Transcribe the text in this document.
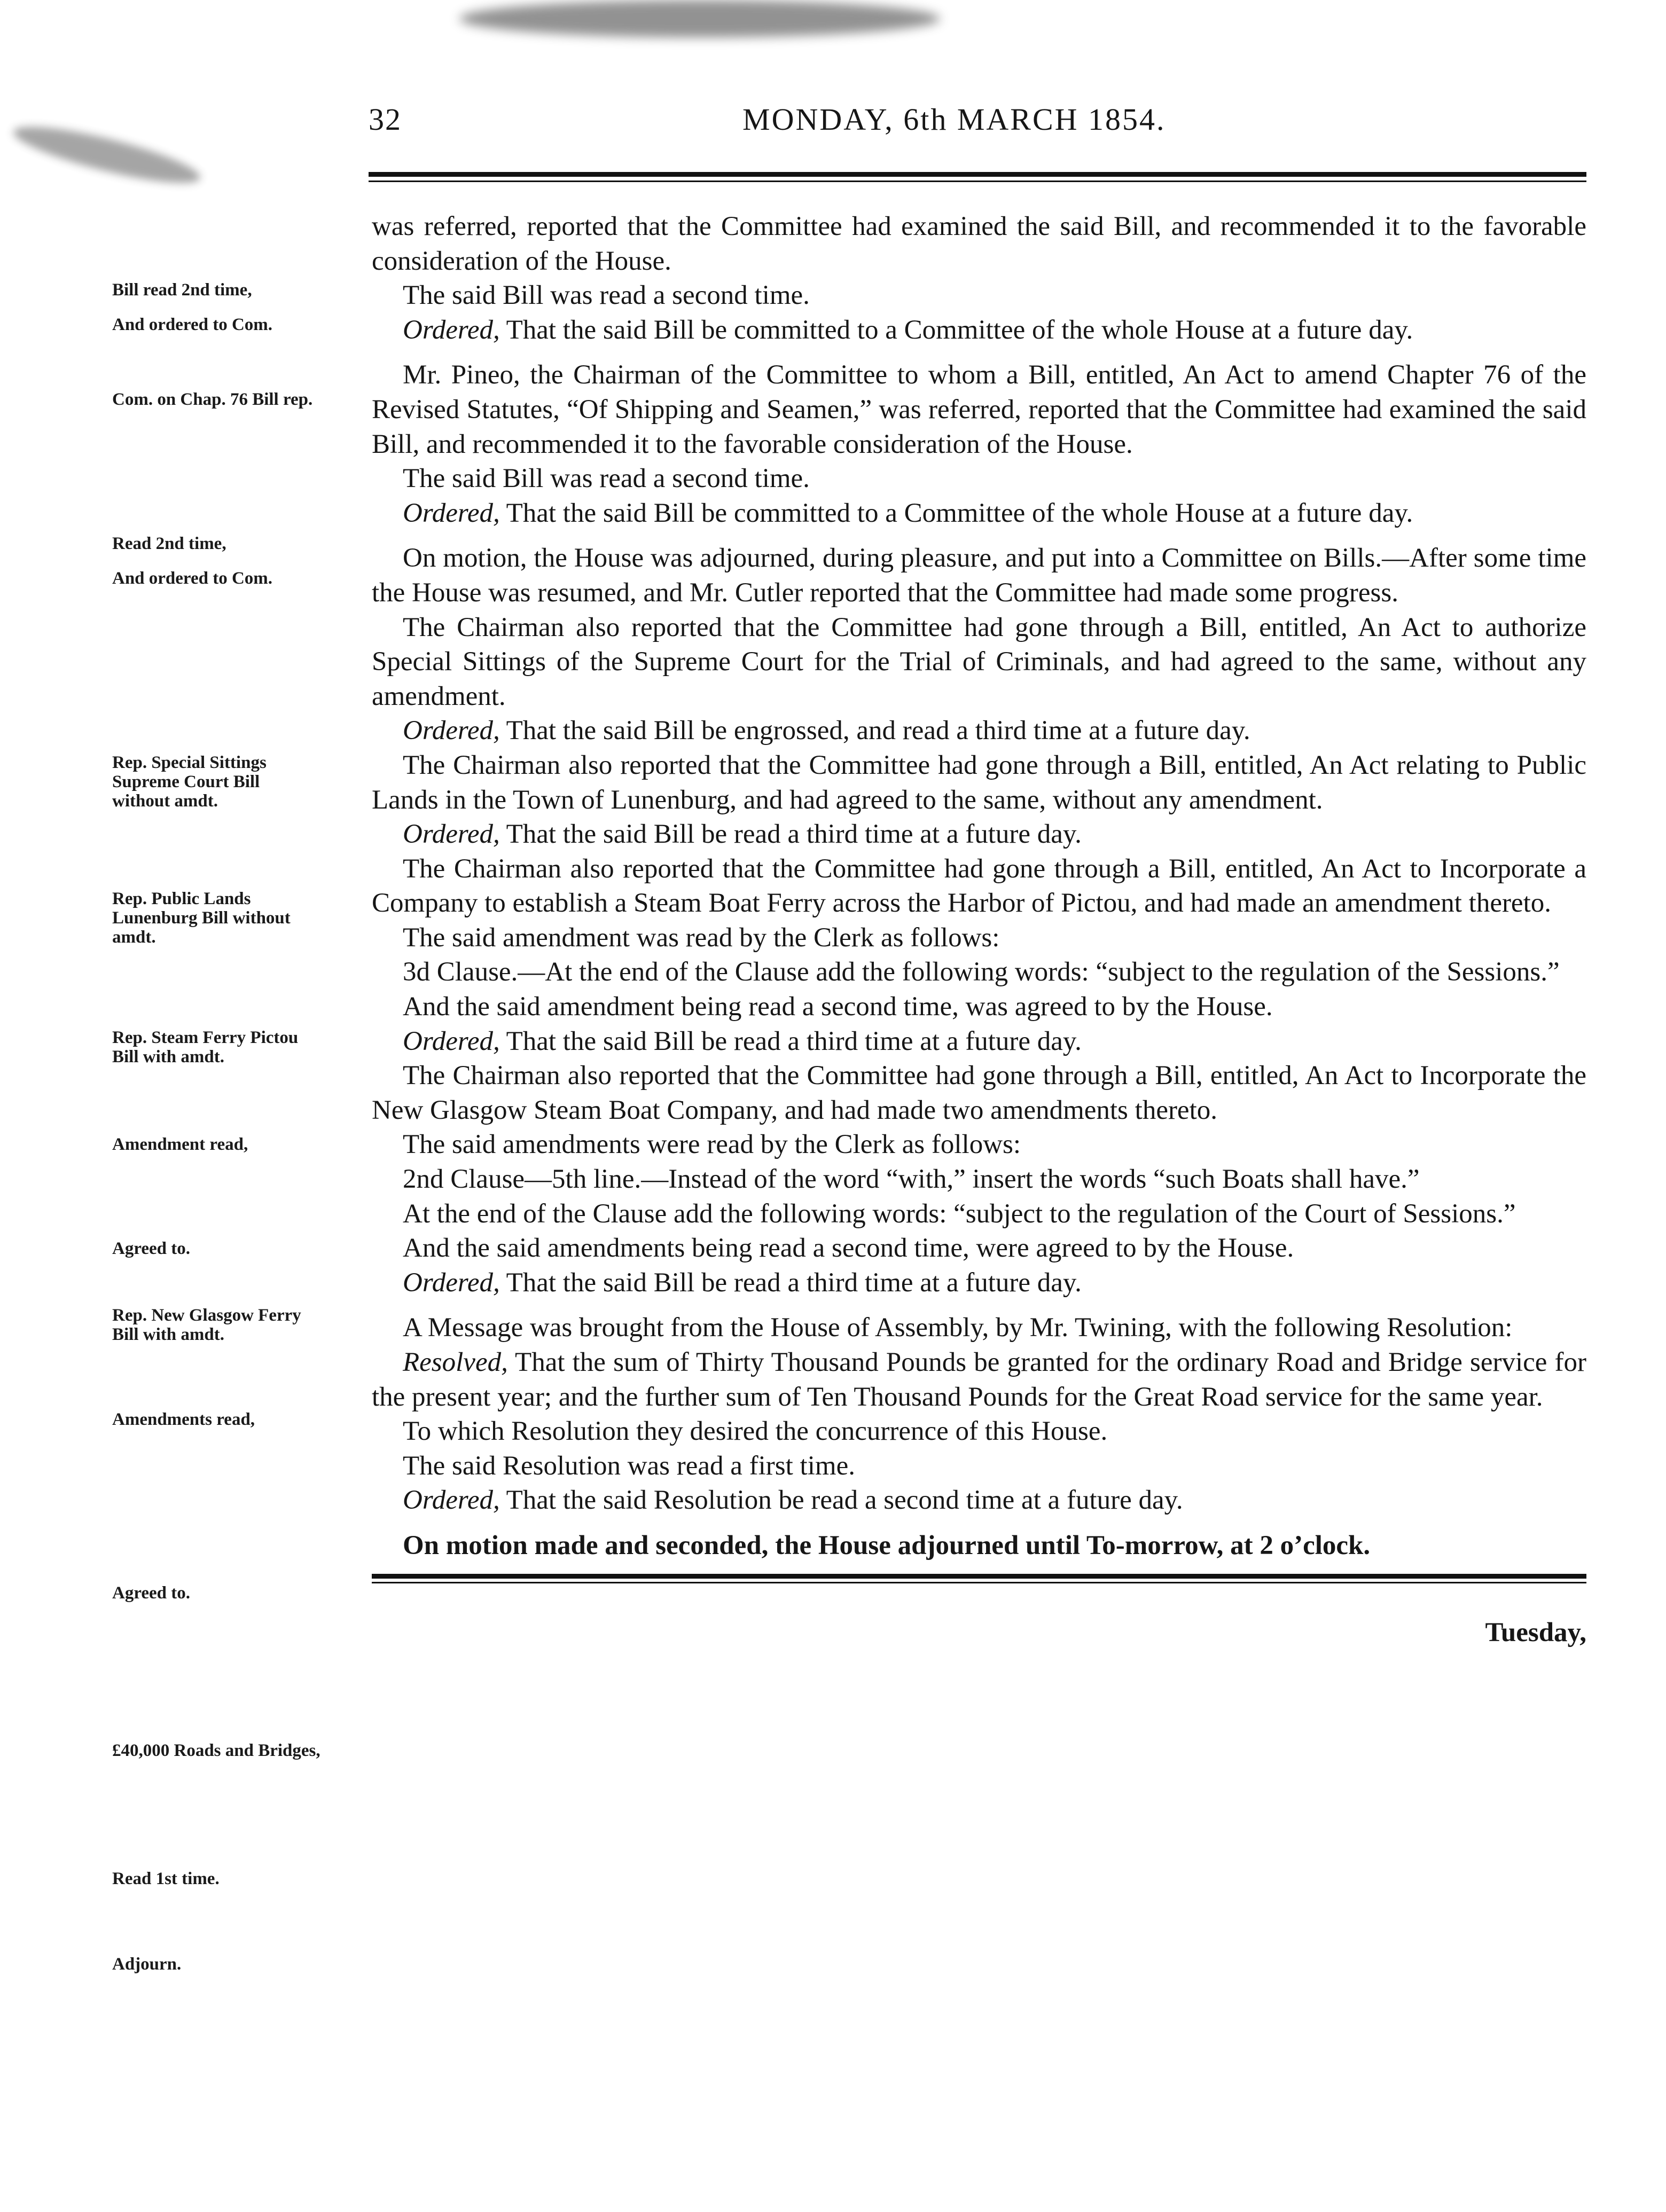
32	MONDAY, 6th MARCH 1854.
Bill read 2nd time,
And ordered to Com.
Com. on Chap. 76 Bill rep.
Read 2nd time,
And ordered to Com.
Rep. Special Sittings Supreme Court Bill without amdt.
Rep. Public Lands Lunenburg Bill without amdt.
Rep. Steam Ferry Pictou Bill with amdt.
Amendment read,
Agreed to.
Rep. New Glasgow Ferry Bill with amdt.
Amendments read,
Agreed to.
£40,000 Roads and Bridges,
Read 1st time.
Adjourn.

was referred, reported that the Committee had examined the said Bill, and recommended it to the favorable consideration of the House.

The said Bill was read a second time.

Ordered, That the said Bill be committed to a Committee of the whole House at a future day.

Mr. Pineo, the Chairman of the Committee to whom a Bill, entitled, An Act to amend Chapter 76 of the Revised Statutes, “Of Shipping and Seamen,” was referred, reported that the Committee had examined the said Bill, and recommended it to the favorable consideration of the House.

The said Bill was read a second time.

Ordered, That the said Bill be committed to a Committee of the whole House at a future day.

On motion, the House was adjourned, during pleasure, and put into a Committee on Bills.—After some time the House was resumed, and Mr. Cutler reported that the Committee had made some progress.

The Chairman also reported that the Committee had gone through a Bill, entitled, An Act to authorize Special Sittings of the Supreme Court for the Trial of Criminals, and had agreed to the same, without any amendment.

Ordered, That the said Bill be engrossed, and read a third time at a future day.

The Chairman also reported that the Committee had gone through a Bill, entitled, An Act relating to Public Lands in the Town of Lunenburg, and had agreed to the same, without any amendment.

Ordered, That the said Bill be read a third time at a future day.

The Chairman also reported that the Committee had gone through a Bill, entitled, An Act to Incorporate a Company to establish a Steam Boat Ferry across the Harbor of Pictou, and had made an amendment thereto.

The said amendment was read by the Clerk as follows:

3d Clause.—At the end of the Clause add the following words: “subject to the regulation of the Sessions.”

And the said amendment being read a second time, was agreed to by the House.

Ordered, That the said Bill be read a third time at a future day.

The Chairman also reported that the Committee had gone through a Bill, entitled, An Act to Incorporate the New Glasgow Steam Boat Company, and had made two amendments thereto.

The said amendments were read by the Clerk as follows:

2nd Clause—5th line.—Instead of the word “with,” insert the words “such Boats shall have.”

At the end of the Clause add the following words: “subject to the regulation of the Court of Sessions.”

And the said amendments being read a second time, were agreed to by the House.

Ordered, That the said Bill be read a third time at a future day.

A Message was brought from the House of Assembly, by Mr. Twining, with the following Resolution:

Resolved, That the sum of Thirty Thousand Pounds be granted for the ordinary Road and Bridge service for the present year; and the further sum of Ten Thousand Pounds for the Great Road service for the same year.

To which Resolution they desired the concurrence of this House.

The said Resolution was read a first time.

Ordered, That the said Resolution be read a second time at a future day.

On motion made and seconded, the House adjourned until To-morrow, at 2 o’clock.

Tuesday,
